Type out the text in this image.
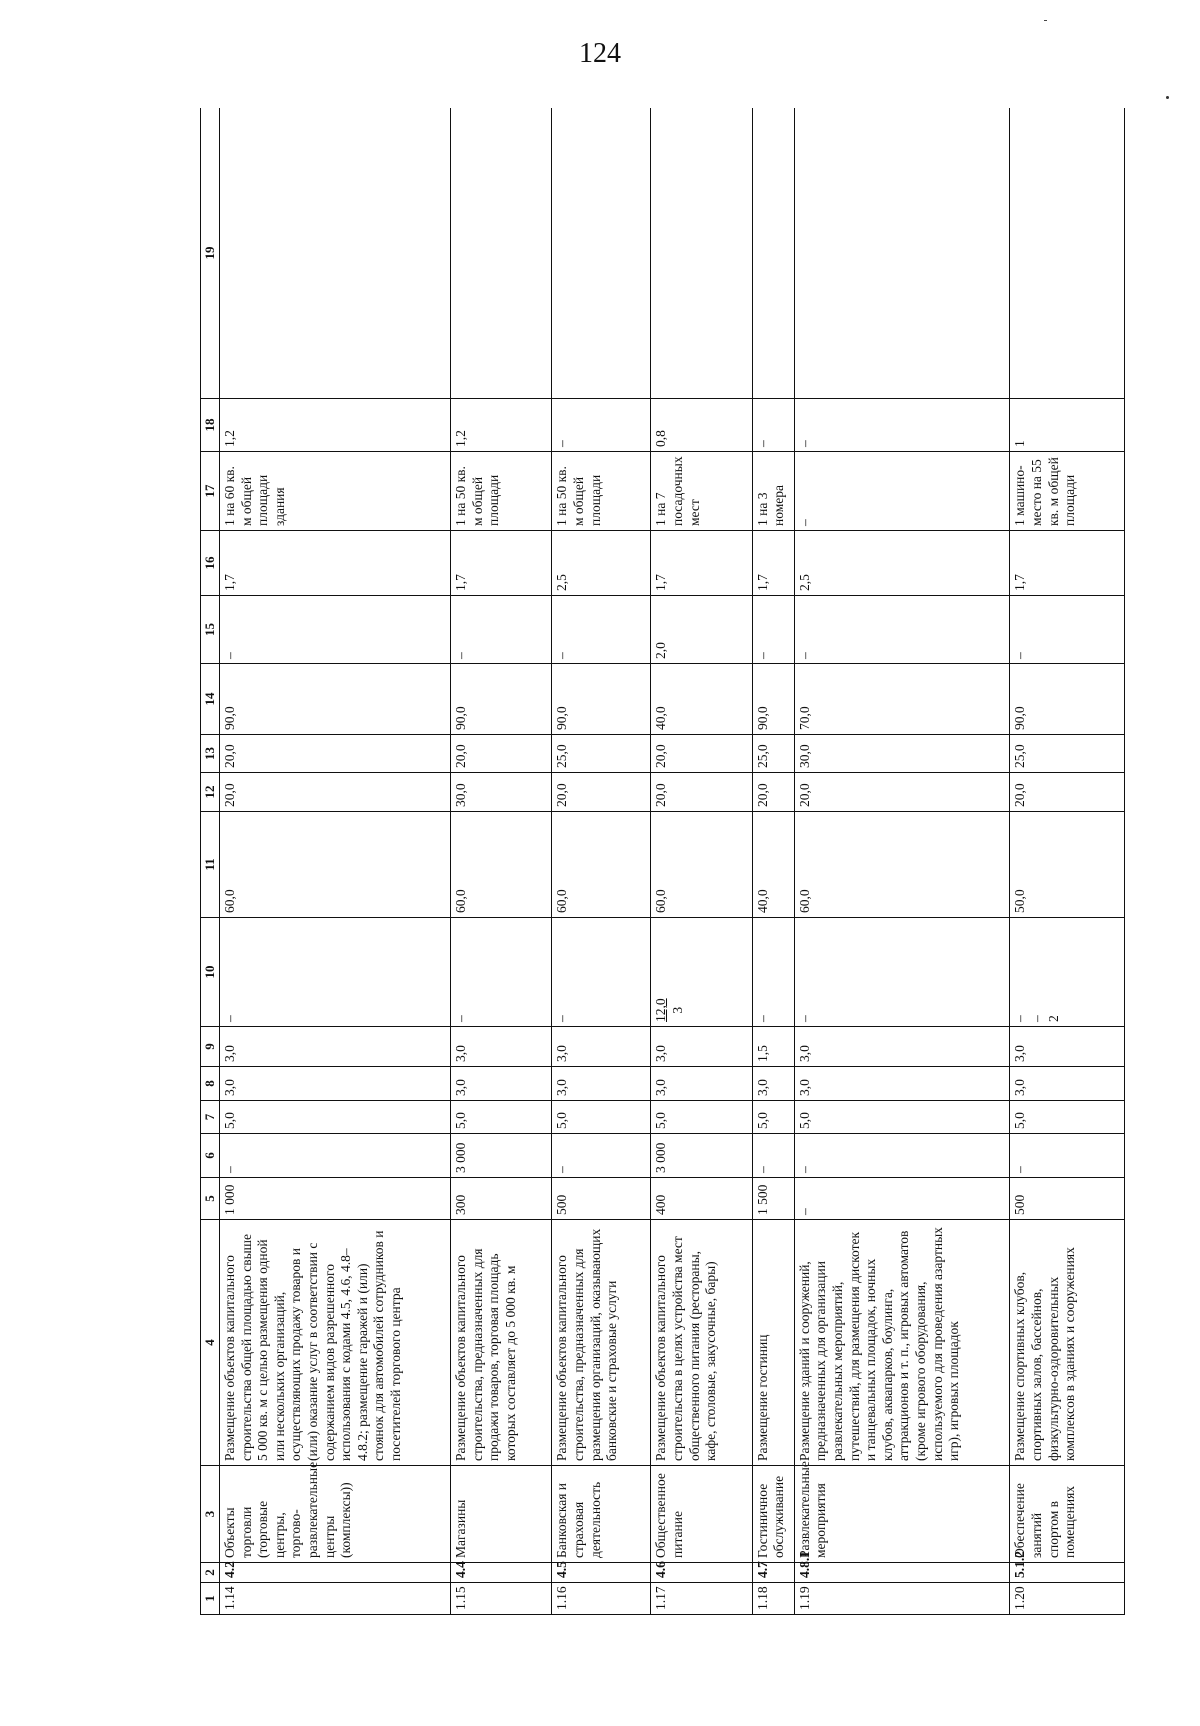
124
1	2	3	4	5	6	7	8	9	10	11	12	13	14	15	16	17	18	19
1.14	4.2	Объекты торговли (торговые центры, торгово-развлекательные центры (комплексы))	Размещение объектов капитального строительства общей площадью свыше 5 000 кв. м с целью размещения одной или нескольких организаций, осуществляющих продажу товаров и (или) оказание услуг в соответствии с содержанием видов разрешенного использования с кодами 4.5, 4.6, 4.8–4.8.2; размещение гаражей и (или) стоянок для автомобилей сотрудников и посетителей торгового центра	1 000	–	5,0	3,0	3,0	–	60,0	20,0	20,0	90,0	–	1,7	1 на 60 кв. м общей площади здания	1,2	
1.15	4.4	Магазины	Размещение объектов капитального строительства, предназначенных для продажи товаров, торговая площадь которых составляет до 5 000 кв. м	300	3 000	5,0	3,0	3,0	–	60,0	30,0	20,0	90,0	–	1,7	1 на 50 кв. м общей площади	1,2	
1.16	4.5	Банковская и страховая деятельность	Размещение объектов капитального строительства, предназначенных для размещения организаций, оказывающих банковские и страховые услуги	500	–	5,0	3,0	3,0	–	60,0	20,0	25,0	90,0	–	2,5	1 на 50 кв. м общей площади	–	
1.17	4.6	Общественное питание	Размещение объектов капитального строительства в целях устройства мест общественного питания (рестораны, кафе, столовые, закусочные, бары)	400	3 000	5,0	3,0	3,0	12,0 3	60,0	20,0	20,0	40,0	2,0	1,7	1 на 7 посадочных мест	0,8	
1.18	4.7	Гостиничное обслуживание	Размещение гостиниц	1 500	–	5,0	3,0	1,5	–	40,0	20,0	25,0	90,0	–	1,7	1 на 3 номера	–	
1.19	4.8.1	Развлекательные мероприятия	Размещение зданий и сооружений, предназначенных для организации развлекательных мероприятий, путешествий, для размещения дискотек и танцевальных площадок, ночных клубов, аквапарков, боулинга, аттракционов и т. п., игровых автоматов (кроме игрового оборудования, используемого для проведения азартных игр), игровых площадок	–	–	5,0	3,0	3,0	–	60,0	20,0	30,0	70,0	–	2,5	–	–	
1.20	5.1.2	Обеспечение занятий спортом в помещениях	Размещение спортивных клубов, спортивных залов, бассейнов, физкультурно-оздоровительных комплексов в зданиях и сооружениях	500	–	5,0	3,0	3,0	– – 2	50,0	20,0	25,0	90,0	–	1,7	1 машино-место на 55 кв. м общей площади	1	
